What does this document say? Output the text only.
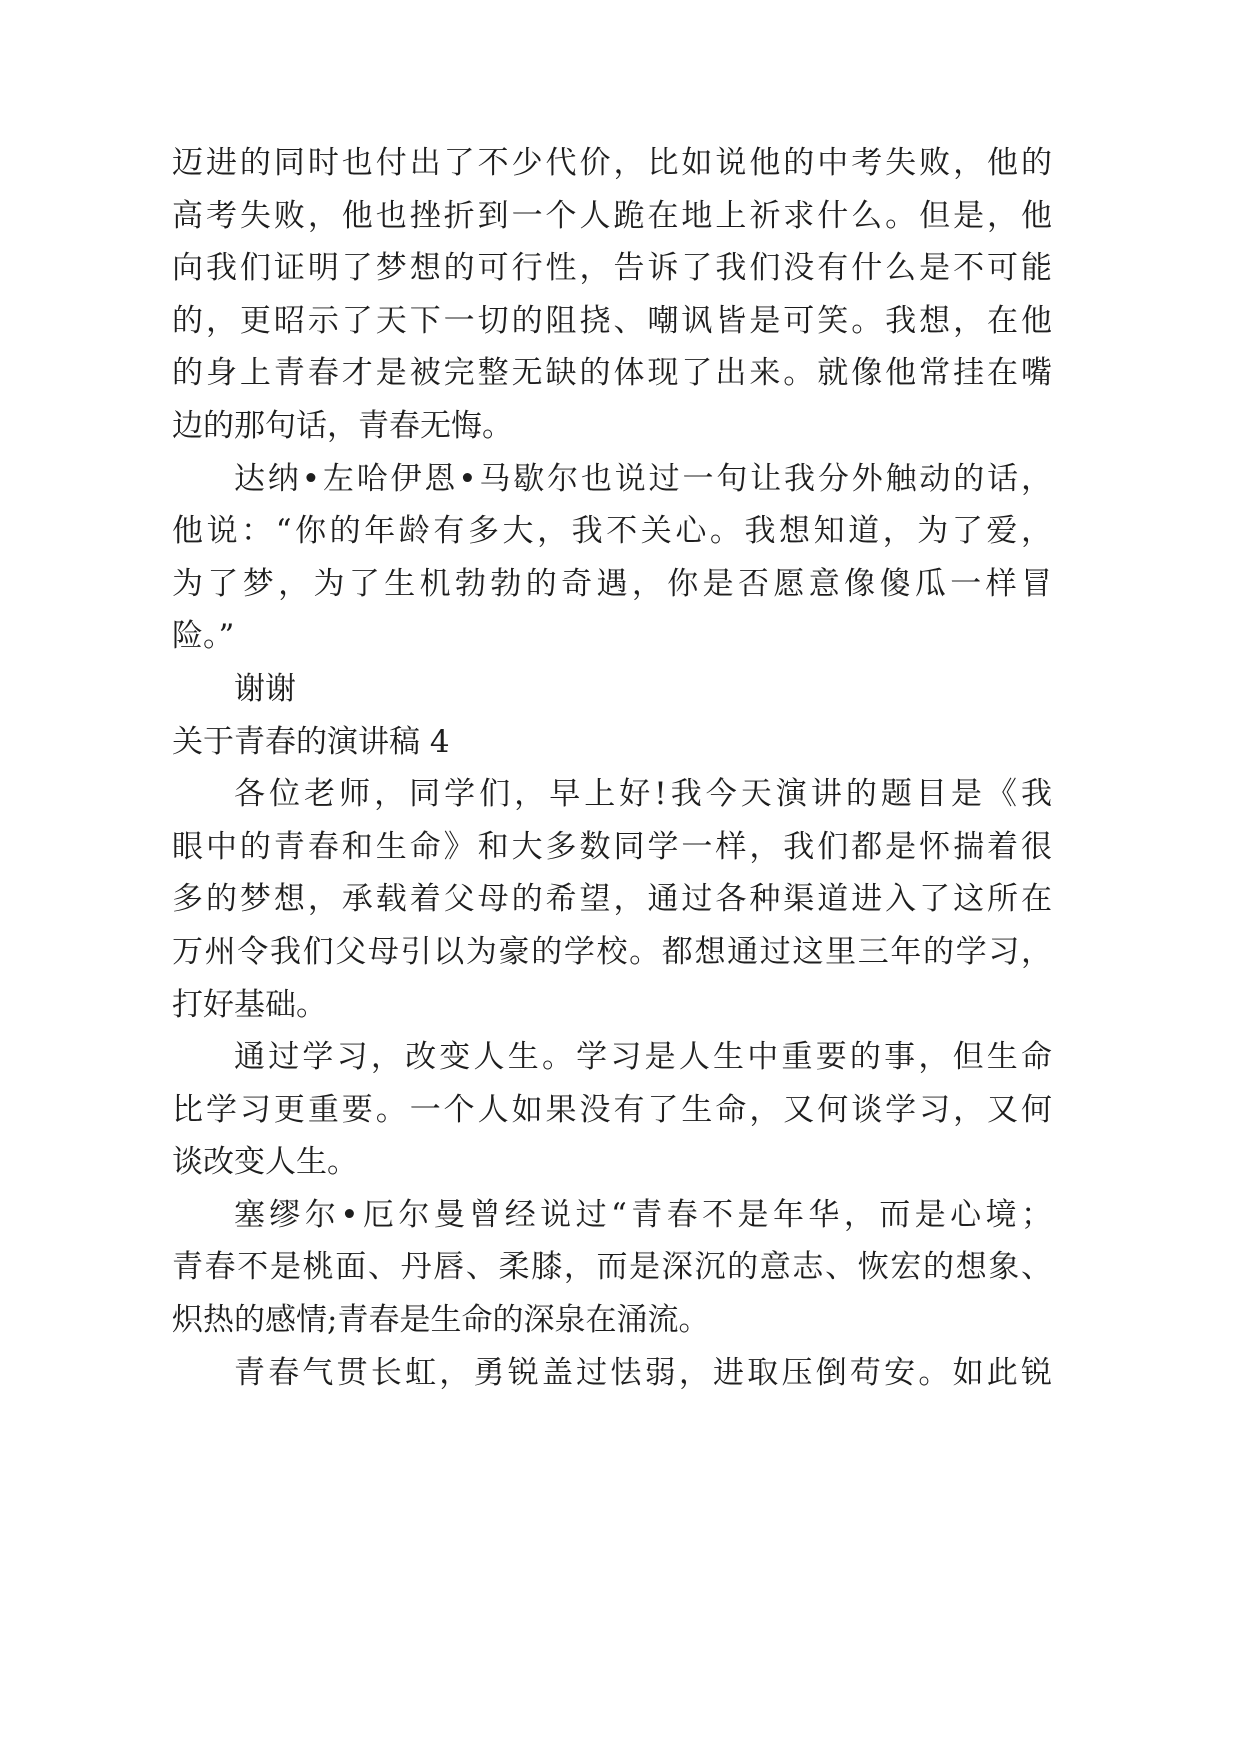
迈进的同时也付出了不少代价，比如说他的中考失败，他的
高考失败，他也挫折到一个人跪在地上祈求什么。但是，他
向我们证明了梦想的可行性，告诉了我们没有什么是不可能
的，更昭示了天下一切的阻挠、嘲讽皆是可笑。我想，在他
的身上青春才是被完整无缺的体现了出来。就像他常挂在嘴
边的那句话，青春无悔。
达纳•左哈伊恩•马歇尔也说过一句让我分外触动的话，
他说：“你的年龄有多大，我不关心。我想知道，为了爱，
为了梦，为了生机勃勃的奇遇，你是否愿意像傻瓜一样冒
险。”
谢谢
关于青春的演讲稿 4
各位老师，同学们，早上好!我今天演讲的题目是《我
眼中的青春和生命》和大多数同学一样，我们都是怀揣着很
多的梦想，承载着父母的希望，通过各种渠道进入了这所在
万州令我们父母引以为豪的学校。都想通过这里三年的学习，
打好基础。
通过学习，改变人生。学习是人生中重要的事，但生命
比学习更重要。一个人如果没有了生命，又何谈学习，又何
谈改变人生。
塞缪尔•厄尔曼曾经说过“青春不是年华，而是心境；
青春不是桃面、丹唇、柔膝，而是深沉的意志、恢宏的想象、
炽热的感情;青春是生命的深泉在涌流。
青春气贯长虹，勇锐盖过怯弱，进取压倒苟安。如此锐
